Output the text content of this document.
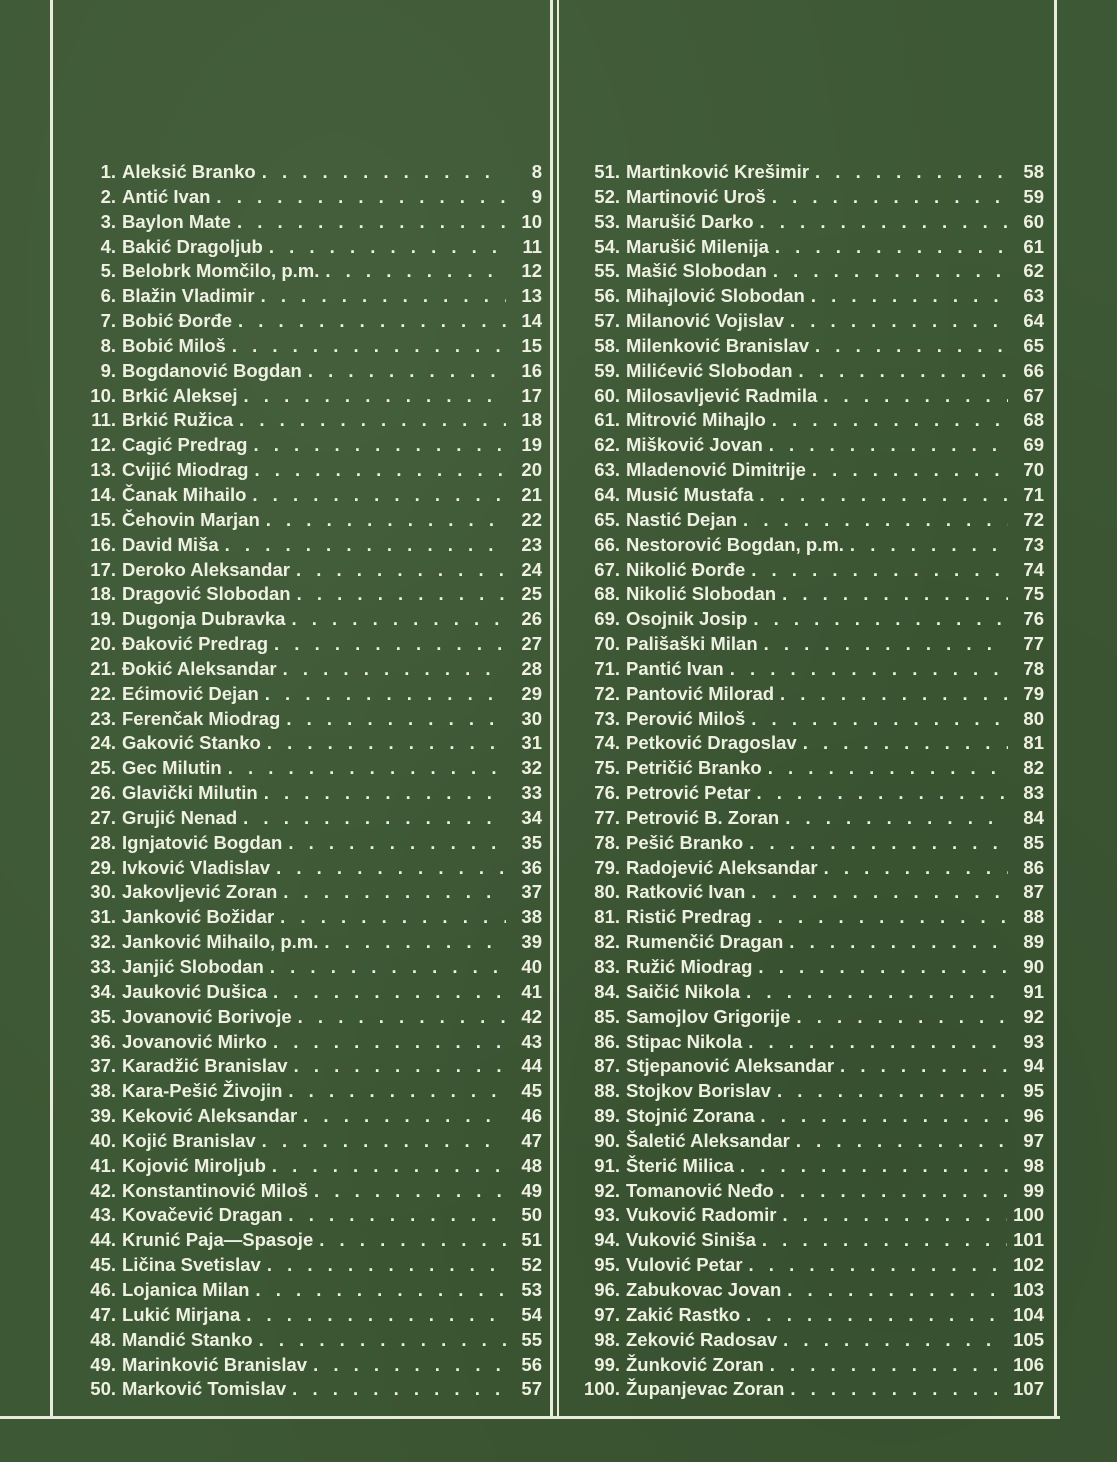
1. Aleksić Branko . . .	8
2. Antić Ivan . . .	9
3. Baylon Mate . . .	10
4. Bakić Dragoljub . . .	11
5. Belobrk Momčilo, p.m. . . .	12
6. Blažin Vladimir . . .	13
7. Bobić Đorđe . . .	14
8. Bobić Miloš . . .	15
9. Bogdanović Bogdan . . .	16
10. Brkić Aleksej . . .	17
11. Brkić Ružica . . .	18
12. Cagić Predrag . . .	19
13. Cvijić Miodrag . . .	20
14. Čanak Mihailo . . .	21
15. Čehovin Marjan . . .	22
16. David Miša . . .	23
17. Deroko Aleksandar . . .	24
18. Dragović Slobodan . . .	25
19. Dugonja Dubravka . . .	26
20. Đaković Predrag . . .	27
21. Đokić Aleksandar . . .	28
22. Ećimović Dejan . . .	29
23. Ferenčak Miodrag . . .	30
24. Gaković Stanko . . .	31
25. Gec Milutin . . .	32
26. Glavički Milutin . . .	33
27. Grujić Nenad . . .	34
28. Ignjatović Bogdan . . .	35
29. Ivković Vladislav . . .	36
30. Jakovljević Zoran . . .	37
31. Janković Božidar . . .	38
32. Janković Mihailo, p.m. . . .	39
33. Janjić Slobodan . . .	40
34. Jauković Dušica . . .	41
35. Jovanović Borivoje . . .	42
36. Jovanović Mirko . . .	43
37. Karadžić Branislav . . .	44
38. Kara-Pešić Živojin . . .	45
39. Keković Aleksandar . . .	46
40. Kojić Branislav . . .	47
41. Kojović Miroljub . . .	48
42. Konstantinović Miloš . . .	49
43. Kovačević Dragan . . .	50
44. Krunić Paja—Spasoje . . .	51
45. Ličina Svetislav . . .	52
46. Lojanica Milan . . .	53
47. Lukić Mirjana . . .	54
48. Mandić Stanko . . .	55
49. Marinković Branislav . . .	56
50. Marković Tomislav . . .	57
51. Martinković Krešimir . . .	58
52. Martinović Uroš . . .	59
53. Marušić Darko . . .	60
54. Marušić Milenija . . .	61
55. Mašić Slobodan . . .	62
56. Mihajlović Slobodan . . .	63
57. Milanović Vojislav . . .	64
58. Milenković Branislav . . .	65
59. Milićević Slobodan . . .	66
60. Milosavljević Radmila . . .	67
61. Mitrović Mihajlo . . .	68
62. Mišković Jovan . . .	69
63. Mladenović Dimitrije . . .	70
64. Musić Mustafa . . .	71
65. Nastić Dejan . . .	72
66. Nestorović Bogdan, p.m. . . .	73
67. Nikolić Đorđe . . .	74
68. Nikolić Slobodan . . .	75
69. Osojnik Josip . . .	76
70. Pališaški Milan . . .	77
71. Pantić Ivan . . .	78
72. Pantović Milorad . . .	79
73. Perović Miloš . . .	80
74. Petković Dragoslav . . .	81
75. Petričić Branko . . .	82
76. Petrović Petar . . .	83
77. Petrović B. Zoran . . .	84
78. Pešić Branko . . .	85
79. Radojević Aleksandar . . .	86
80. Ratković Ivan . . .	87
81. Ristić Predrag . . .	88
82. Rumenčić Dragan . . .	89
83. Ružić Miodrag . . .	90
84. Saičić Nikola . . .	91
85. Samojlov Grigorije . . .	92
86. Stipac Nikola . . .	93
87. Stjepanović Aleksandar . . .	94
88. Stojkov Borislav . . .	95
89. Stojnić Zorana . . .	96
90. Šaletić Aleksandar . . .	97
91. Šterić Milica . . .	98
92. Tomanović Neđo . . .	99
93. Vuković Radomir . . .	100
94. Vuković Siniša . . .	101
95. Vulović Petar . . .	102
96. Zabukovac Jovan . . .	103
97. Zakić Rastko . . .	104
98. Zeković Radosav . . .	105
99. Žunković Zoran . . .	106
100. Županjevac Zoran . . .	107
